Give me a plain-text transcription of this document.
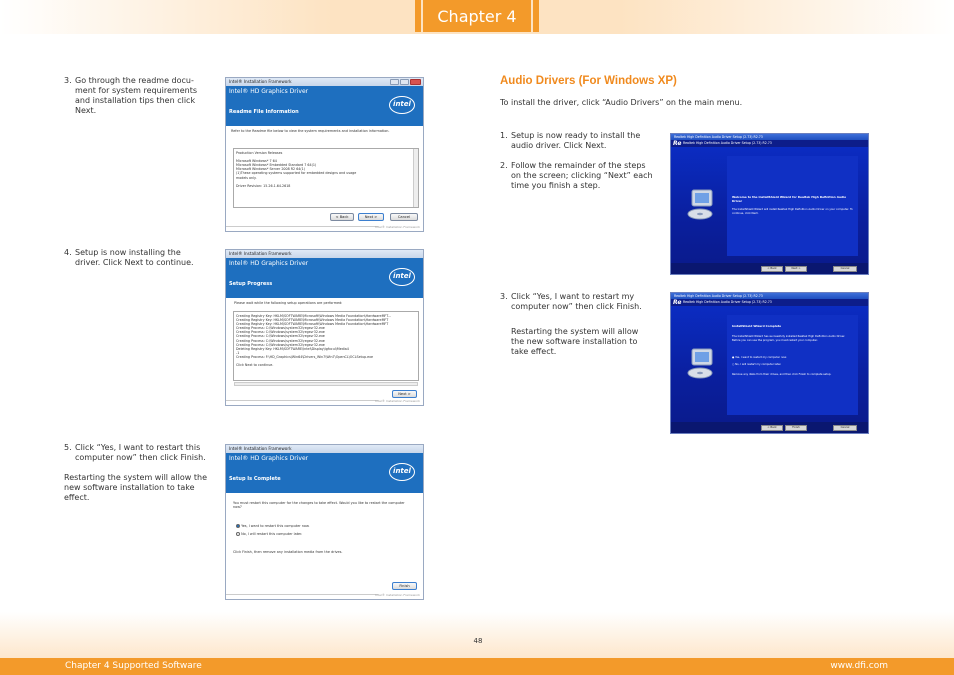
Chapter 4
3. Go through the readme docu-
ment for system requirements
and installation tips then click
Next.
4. Setup is now installing the
driver. Click Next to continue.
5. Click “Yes, I want to restart this
computer now” then click Finish.
Restarting the system will allow the
new software installation to take
effect.
Intel® Installation Framework
Intel® HD Graphics Driver
Readme File Information
intel
Refer to the Readme file below to view the system requirements and installation information.
Production Version Releases

Microsoft Windows* 7 64
Microsoft Windows* Embedded Standard 7 64(1)
Microsoft Windows* Server 2008 R2 64(1)
(1)These operating systems supported for embedded designs and usage
models only.

Driver Revision: 15.26.1.64.2618
< Back	Next >	Cancel
Intel® Installation Framework
Intel® Installation Framework
Intel® HD Graphics Driver
Setup Progress
intel
Please wait while the following setup operations are performed:
Creating Registry Key: HKLM\SOFTWARE\Microsoft\Windows Media Foundation\HardwareMFT...
Creating Registry Key: HKLM\SOFTWARE\Microsoft\Windows Media Foundation\HardwareMFT
Creating Registry Key: HKLM\SOFTWARE\Microsoft\Windows Media Foundation\HardwareMFT
Creating Process: C:\Windows\system32\regsvr32.exe
Creating Process: C:\Windows\system32\regsvr32.exe
Creating Process: C:\Windows\system32\regsvr32.exe
Creating Process: C:\Windows\system32\regsvr32.exe
Creating Process: C:\Windows\system32\regsvr32.exe
Deleting Registry Key: HKLM\SOFTWARE\Intel\Display\igfxcui\Media4
-1
Creating Process: F:\HD_Graphics\Win64\Drivers_Win7\Win7\OpenCL\OCLSetup.exe

Click Next to continue.
Next >
Intel® Installation Framework
Intel® Installation Framework
Intel® HD Graphics Driver
Setup Is Complete
intel
You must restart this computer for the changes to take effect. Would you like to restart the computer now?
Yes, I want to restart this computer now.
No, I will restart this computer later.
Click Finish, then remove any installation media from the drives.
Finish
Intel® Installation Framework
Audio Drivers (For Windows XP)
To install the driver, click “Audio Drivers” on the main menu.
1. Setup is now ready to install the
audio driver. Click Next.
2. Follow the remainder of the steps
on the screen; clicking “Next” each
time you finish a step.
3. Click “Yes, I want to restart my
computer now” then click Finish.
Restarting the system will allow
the new software installation to
take effect.
Realtek High Definition Audio Driver Setup (2.73) R2.73
Re Realtek High Definition Audio Driver Setup (2.73) R2.73
Welcome to the InstallShield Wizard for Realtek High Definition Audio Driver
The InstallShield Wizard will install Realtek High Definition Audio Driver on your computer. To continue, click Next.
< Back	Next >	Cancel
Realtek High Definition Audio Driver Setup (2.73) R2.73
Re Realtek High Definition Audio Driver Setup (2.73) R2.73
InstallShield Wizard Complete
The InstallShield Wizard has successfully installed Realtek High Definition Audio Driver. Before you can use the program, you must restart your computer.
● Yes, I want to restart my computer now.
○ No, I will restart my computer later.
Remove any disks from their drives, and then click Finish to complete setup.
< Back	Finish	Cancel
48
Chapter 4 Supported Software	www.dfi.com
